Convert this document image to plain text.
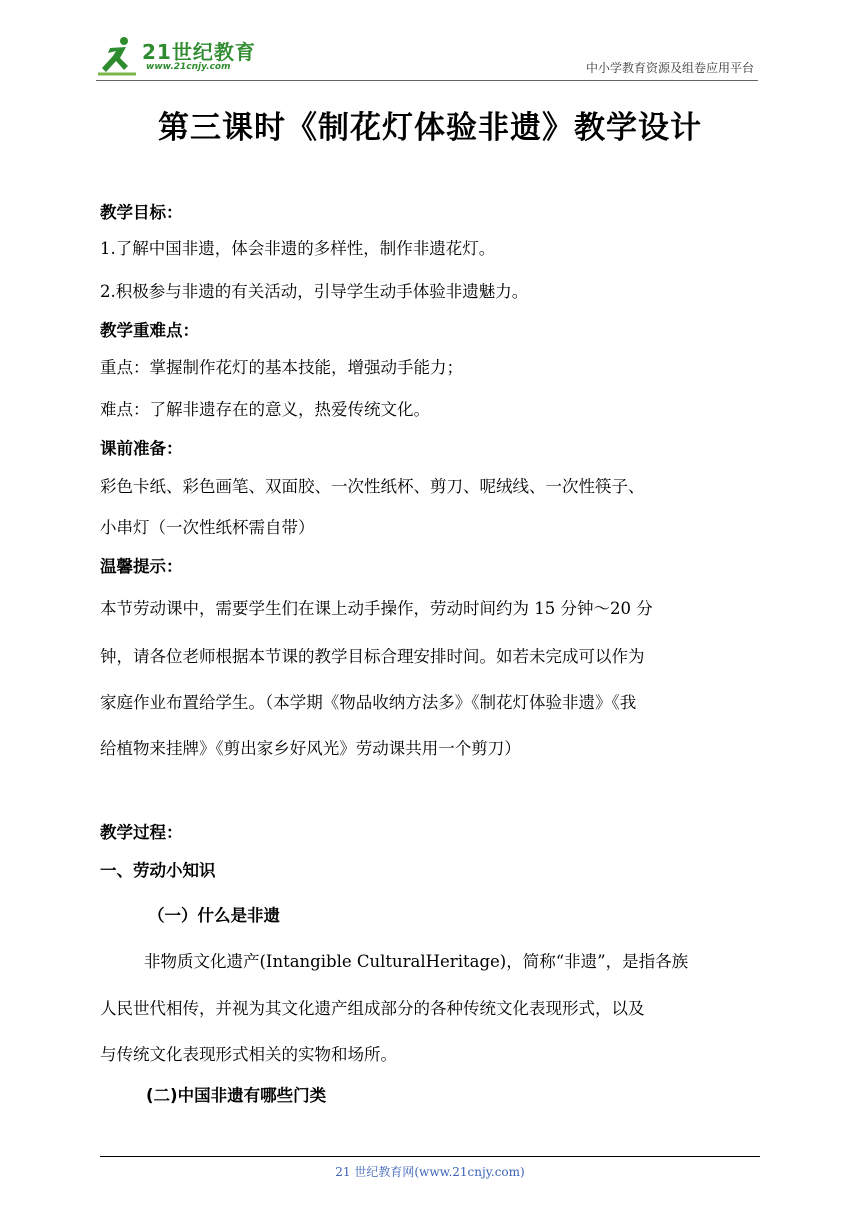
21世纪教育
www.21cnjy.com	中小学教育资源及组卷应用平台
第三课时《制花灯体验非遗》教学设计
教学目标：
1.了解中国非遗，体会非遗的多样性，制作非遗花灯。
2.积极参与非遗的有关活动，引导学生动手体验非遗魅力。
教学重难点：
重点：掌握制作花灯的基本技能，增强动手能力；
难点：了解非遗存在的意义，热爱传统文化。
课前准备：
彩色卡纸、彩色画笔、双面胶、一次性纸杯、剪刀、呢绒线、一次性筷子、
小串灯（一次性纸杯需自带）
温馨提示：
本节劳动课中，需要学生们在课上动手操作，劳动时间约为 15 分钟～20 分
钟，请各位老师根据本节课的教学目标合理安排时间。如若未完成可以作为
家庭作业布置给学生。（本学期《物品收纳方法多》《制花灯体验非遗》《我
给植物来挂牌》《剪出家乡好风光》劳动课共用一个剪刀）
教学过程：
一、劳动小知识
（一）什么是非遗
非物质文化遗产(Intangible CulturalHeritage)，简称“非遗”，是指各族
人民世代相传，并视为其文化遗产组成部分的各种传统文化表现形式，以及
与传统文化表现形式相关的实物和场所。
(二)中国非遗有哪些门类
21 世纪教育网(www.21cnjy.com)
